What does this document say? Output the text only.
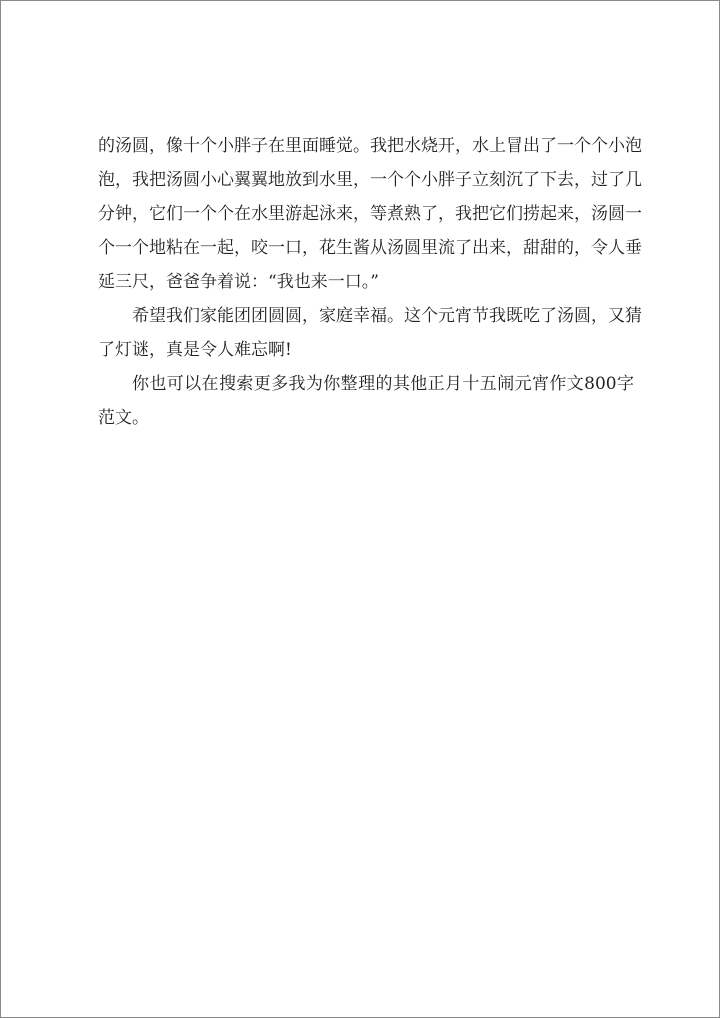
的汤圆，像十个小胖子在里面睡觉。我把水烧开，水上冒出了一个个小泡
泡，我把汤圆小心翼翼地放到水里，一个个小胖子立刻沉了下去，过了几
分钟，它们一个个在水里游起泳来，等煮熟了，我把它们捞起来，汤圆一
个一个地粘在一起，咬一口，花生酱从汤圆里流了出来，甜甜的，令人垂
延三尺，爸爸争着说：“我也来一口。”
希望我们家能团团圆圆，家庭幸福。这个元宵节我既吃了汤圆，又猜
了灯谜，真是令人难忘啊!
你也可以在搜索更多我为你整理的其他正月十五闹元宵作文800字
范文。
